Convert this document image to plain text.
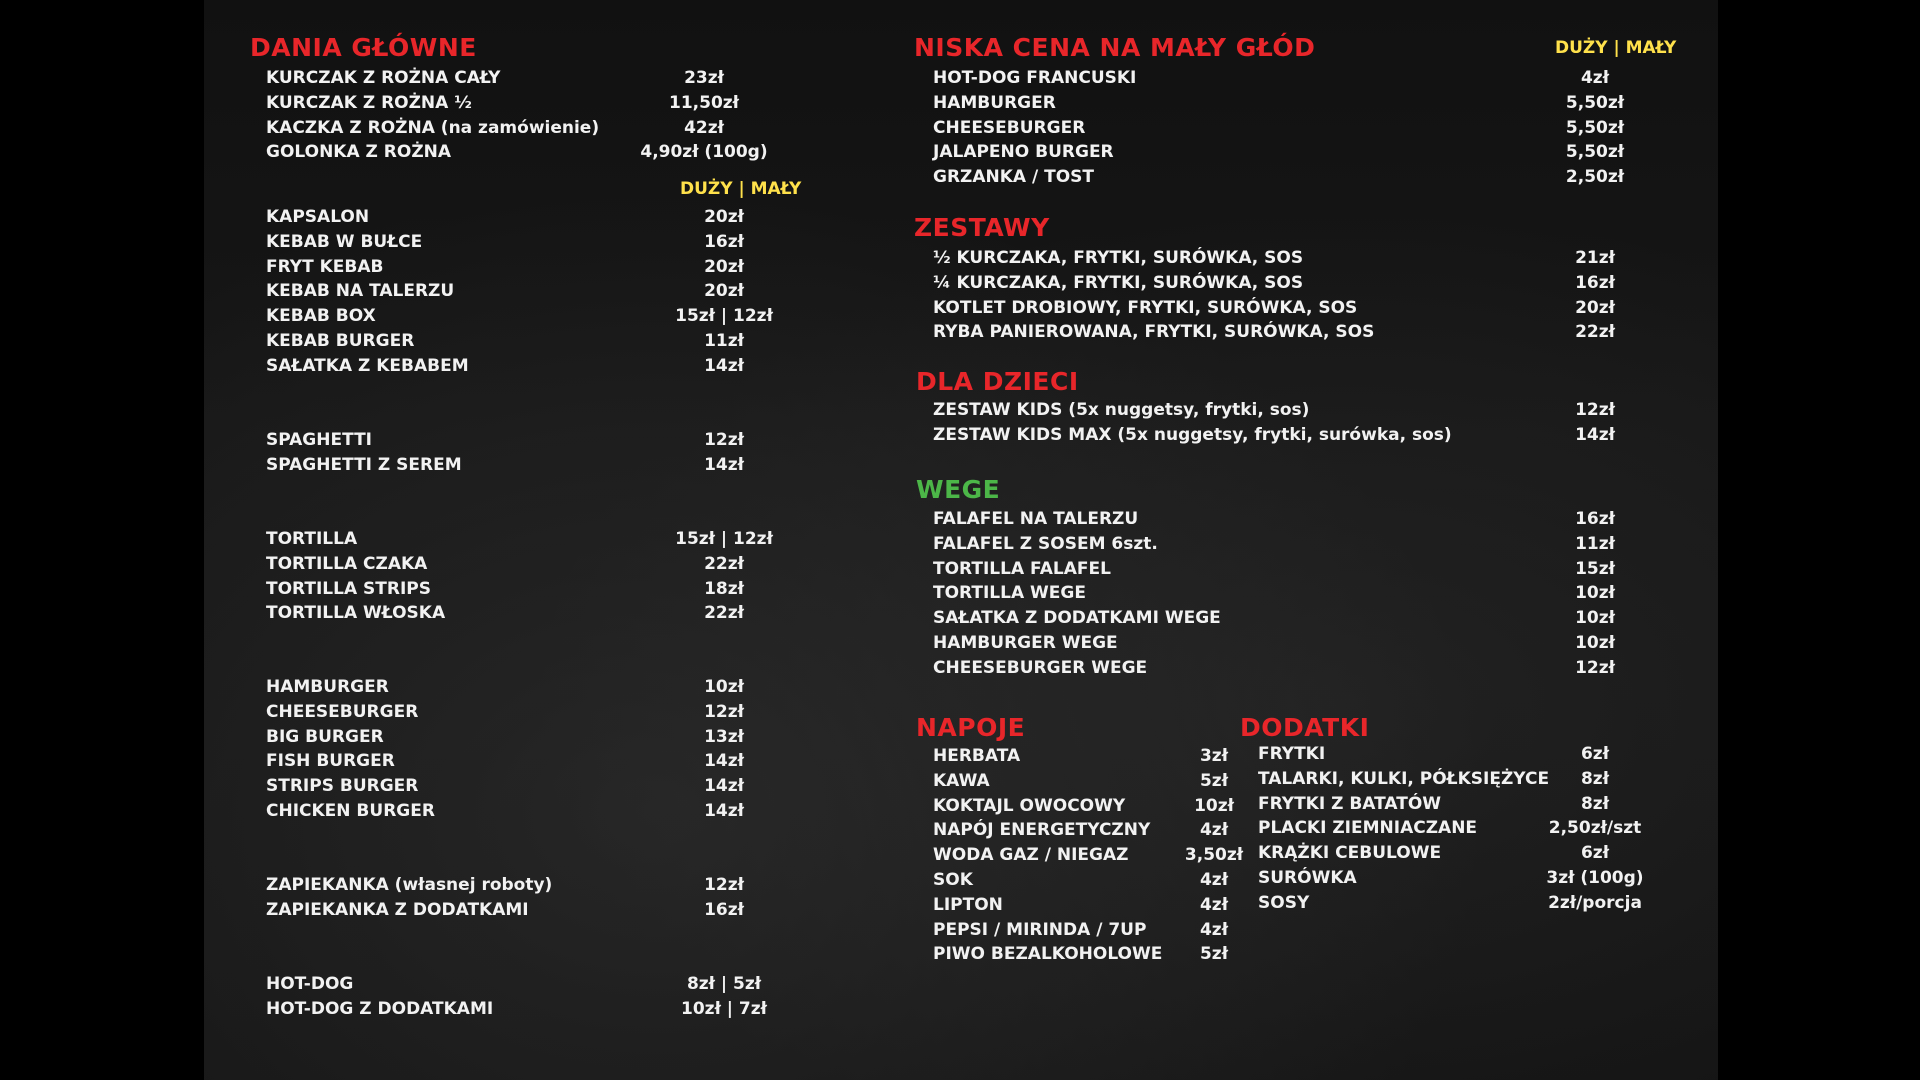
DANIA GŁÓWNE
DUŻY | MAŁY
NISKA CENA NA MAŁY GŁÓD	DUŻY | MAŁY
ZESTAWY
DLA DZIECI
WEGE
NAPOJE	DODATKI
KURCZAK Z ROŻNA CAŁY	23zł
KURCZAK Z ROŻNA ½	11,50zł
KACZKA Z ROŻNA (na zamówienie)	42zł
GOLONKA Z ROŻNA	4,90zł (100g)
KAPSALON	20zł
KEBAB W BUŁCE	16zł
FRYT KEBAB	20zł
KEBAB NA TALERZU	20zł
KEBAB BOX	15zł | 12zł
KEBAB BURGER	11zł
SAŁATKA Z KEBABEM	14zł
SPAGHETTI	12zł
SPAGHETTI Z SEREM	14zł
TORTILLA	15zł | 12zł
TORTILLA CZAKA	22zł
TORTILLA STRIPS	18zł
TORTILLA WŁOSKA	22zł
HAMBURGER	10zł
CHEESEBURGER	12zł
BIG BURGER	13zł
FISH BURGER	14zł
STRIPS BURGER	14zł
CHICKEN BURGER	14zł
ZAPIEKANKA (własnej roboty)	12zł
ZAPIEKANKA Z DODATKAMI	16zł
HOT-DOG	8zł | 5zł
HOT-DOG Z DODATKAMI	10zł | 7zł
HOT-DOG FRANCUSKI	4zł
HAMBURGER	5,50zł
CHEESEBURGER	5,50zł
JALAPENO BURGER	5,50zł
GRZANKA / TOST	2,50zł
½ KURCZAKA, FRYTKI, SURÓWKA, SOS	21zł
¼ KURCZAKA, FRYTKI, SURÓWKA, SOS	16zł
KOTLET DROBIOWY, FRYTKI, SURÓWKA, SOS	20zł
RYBA PANIEROWANA, FRYTKI, SURÓWKA, SOS	22zł
ZESTAW KIDS (5x nuggetsy, frytki, sos)	12zł
ZESTAW KIDS MAX (5x nuggetsy, frytki, surówka, sos)	14zł
FALAFEL NA TALERZU	16zł
FALAFEL Z SOSEM 6szt.	11zł
TORTILLA FALAFEL	15zł
TORTILLA WEGE	10zł
SAŁATKA Z DODATKAMI WEGE	10zł
HAMBURGER WEGE	10zł
CHEESEBURGER WEGE	12zł
HERBATA	3zł
KAWA	5zł
KOKTAJL OWOCOWY	10zł
NAPÓJ ENERGETYCZNY	4zł
WODA GAZ / NIEGAZ	3,50zł
SOK	4zł
LIPTON	4zł
PEPSI / MIRINDA / 7UP	4zł
PIWO BEZALKOHOLOWE	5zł
FRYTKI	6zł
TALARKI, KULKI, PÓŁKSIĘŻYCE	8zł
FRYTKI Z BATATÓW	8zł
PLACKI ZIEMNIACZANE	2,50zł/szt
KRĄŻKI CEBULOWE	6zł
SURÓWKA	3zł (100g)
SOSY	2zł/porcja
